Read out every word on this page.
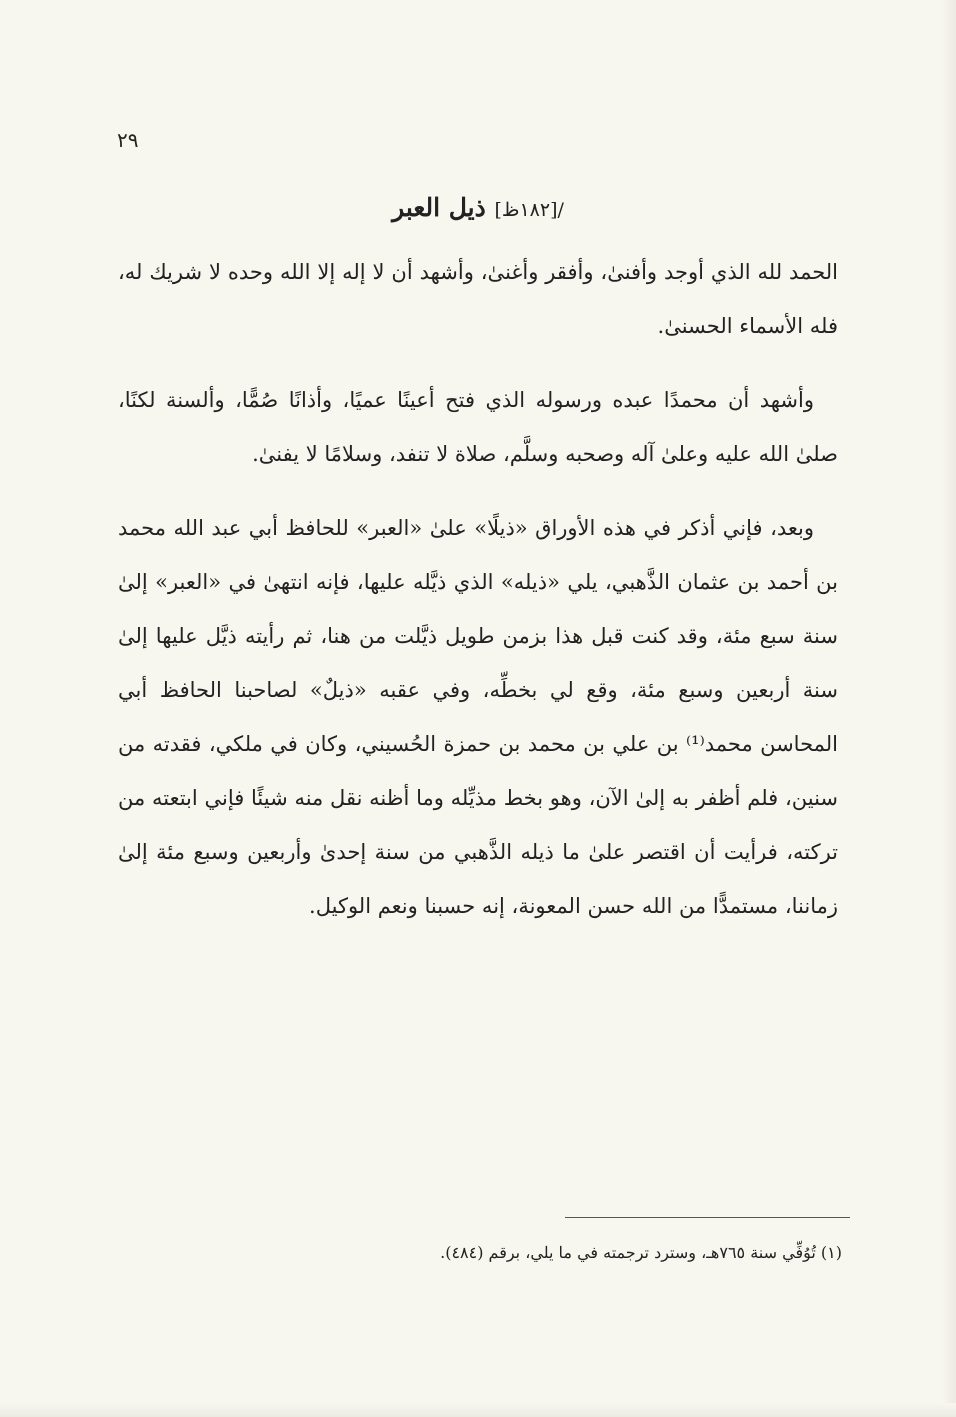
٢٩
/[١٨٢ظ] ذيل العبر

الحمد لله الذي أوجد وأفنىٰ، وأفقر وأغنىٰ، وأشهد أن لا إله إلا الله وحده لا شريك له، فله الأسماء الحسنىٰ.

وأشهد أن محمدًا عبده ورسوله الذي فتح أعينًا عميًا، وأذانًا صُمًّا، وألسنة لكنًا، صلىٰ الله عليه وعلىٰ آله وصحبه وسلَّم، صلاة لا تنفد، وسلامًا لا يفنىٰ.

وبعد، فإني أذكر في هذه الأوراق «ذيلًا» علىٰ «العبر» للحافظ أبي عبد الله محمد بن أحمد بن عثمان الذَّهبي، يلي «ذيله» الذي ذيَّله عليها، فإنه انتهىٰ في «العبر» إلىٰ سنة سبع مئة، وقد كنت قبل هذا بزمن طويل ذيَّلت من هنا، ثم رأيته ذيَّل عليها إلىٰ سنة أربعين وسبع مئة، وقع لي بخطِّه، وفي عقبه «ذيلٌ» لصاحبنا الحافظ أبي المحاسن محمد⁽¹⁾ بن علي بن محمد بن حمزة الحُسيني، وكان في ملكي، فقدته من سنين، فلم أظفر به إلىٰ الآن، وهو بخط مذيِّله وما أظنه نقل منه شيئًا فإني ابتعته من تركته، فرأيت أن اقتصر علىٰ ما ذيله الذَّهبي من سنة إحدىٰ وأربعين وسبع مئة إلىٰ زماننا، مستمدًّا من الله حسن المعونة، إنه حسبنا ونعم الوكيل.

(١) تُوُفِّي سنة ٧٦٥هـ، وسترد ترجمته في ما يلي، برقم (٤٨٤).
